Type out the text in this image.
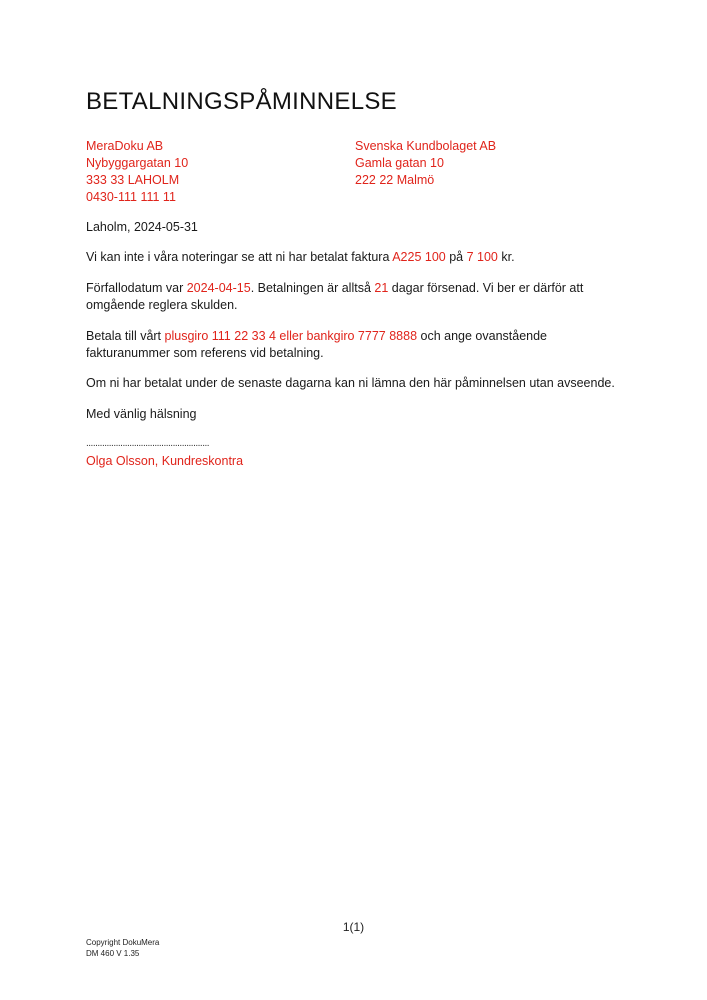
BETALNINGSPÅMINNELSE
MeraDoku AB
Nybyggargatan 10
333 33 LAHOLM
0430-111 111 11
Svenska Kundbolaget AB
Gamla gatan 10
222 22 Malmö
Laholm, 2024-05-31
Vi kan inte i våra noteringar se att ni har betalat faktura A225 100 på 7 100 kr.
Förfallodatum var 2024-04-15. Betalningen är alltså 21 dagar försenad. Vi ber er därför att omgående reglera skulden.
Betala till vårt plusgiro 111 22 33 4 eller bankgiro 7777 8888 och ange ovanstående fakturanummer som referens vid betalning.
Om ni har betalat under de senaste dagarna kan ni lämna den här påminnelsen utan avseende.
Med vänlig hälsning
......................................................
Olga Olsson, Kundreskontra
1(1)
Copyright DokuMera
DM 460 V 1.35
